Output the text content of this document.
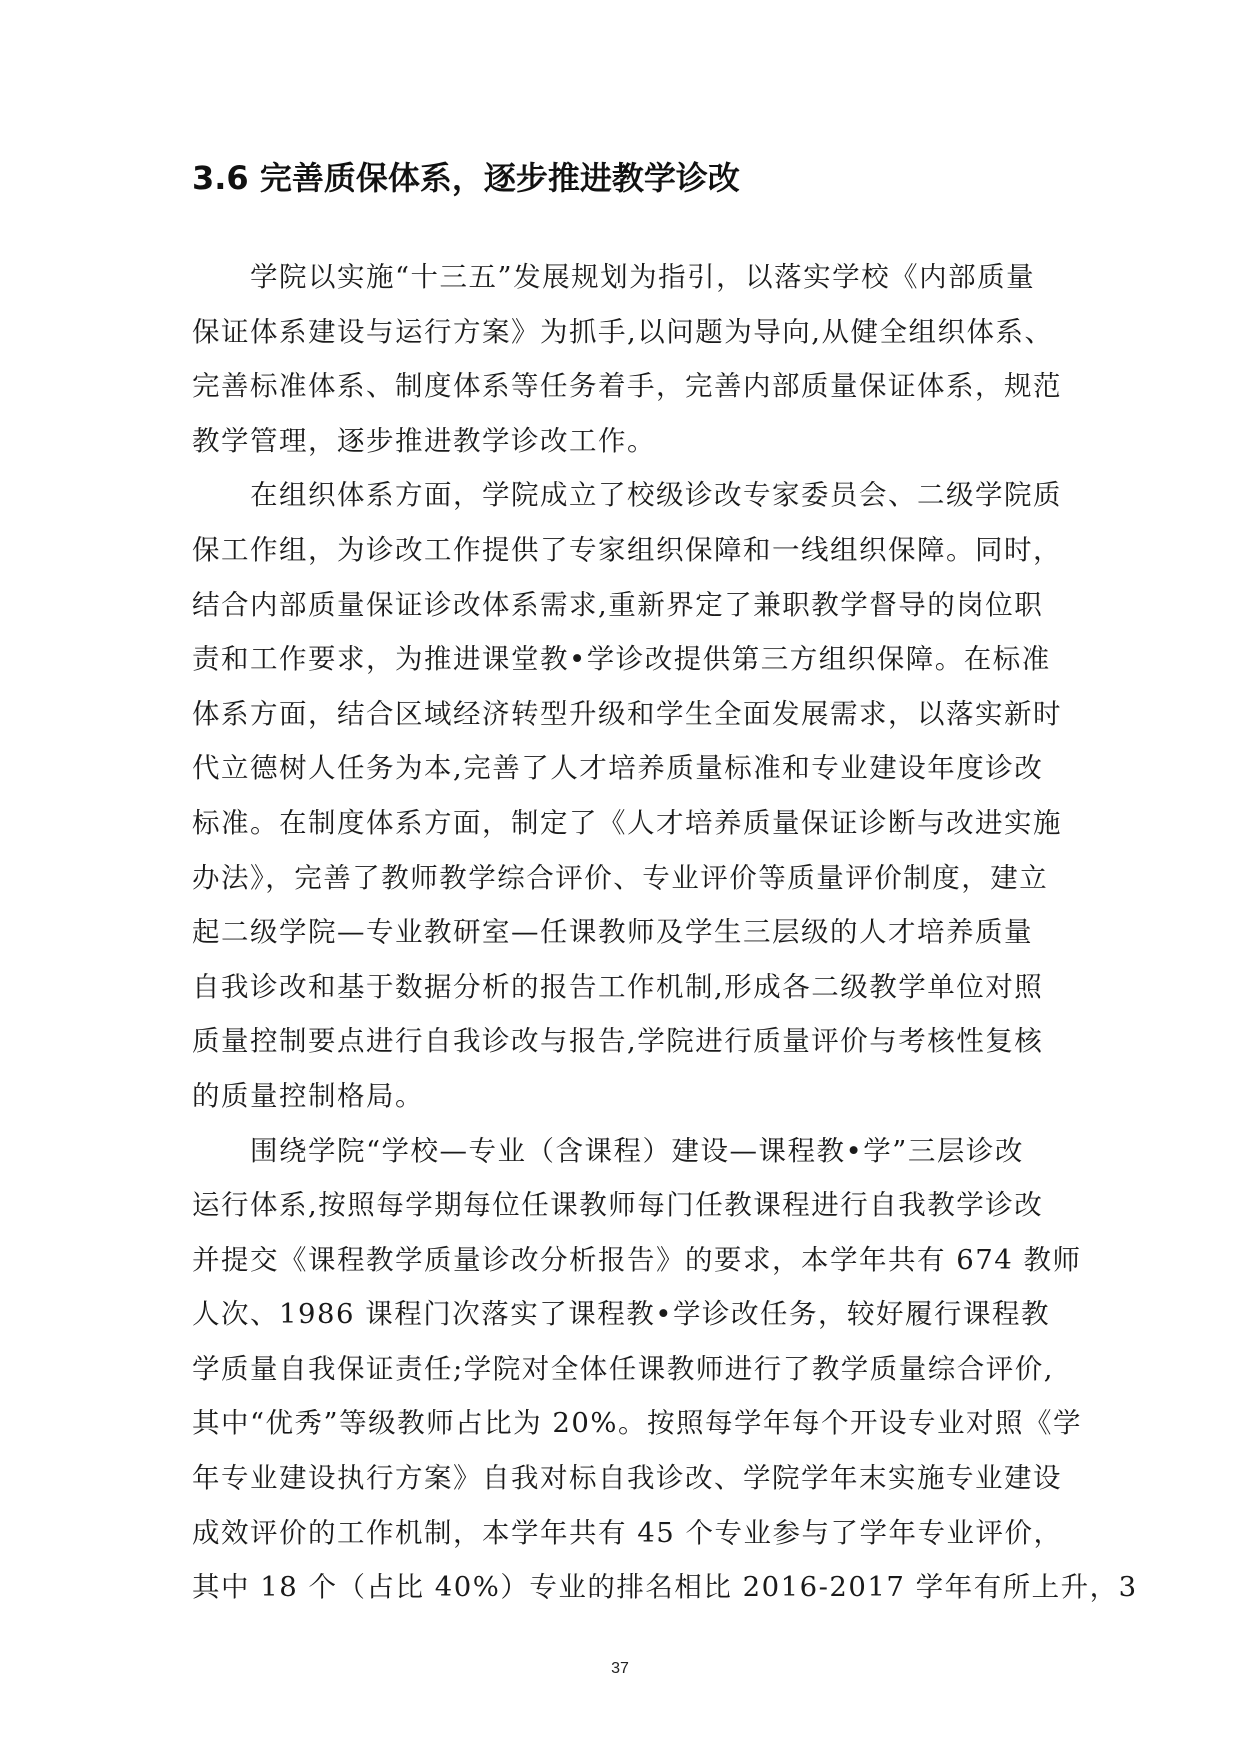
3.6 完善质保体系，逐步推进教学诊改
学院以实施“十三五”发展规划为指引，以落实学校《内部质量
保证体系建设与运行方案》为抓手,以问题为导向,从健全组织体系、
完善标准体系、制度体系等任务着手，完善内部质量保证体系，规范
教学管理，逐步推进教学诊改工作。
在组织体系方面，学院成立了校级诊改专家委员会、二级学院质
保工作组，为诊改工作提供了专家组织保障和一线组织保障。同时，
结合内部质量保证诊改体系需求,重新界定了兼职教学督导的岗位职
责和工作要求，为推进课堂教•学诊改提供第三方组织保障。在标准
体系方面，结合区域经济转型升级和学生全面发展需求，以落实新时
代立德树人任务为本,完善了人才培养质量标准和专业建设年度诊改
标准。在制度体系方面，制定了《人才培养质量保证诊断与改进实施
办法》，完善了教师教学综合评价、专业评价等质量评价制度，建立
起二级学院—专业教研室—任课教师及学生三层级的人才培养质量
自我诊改和基于数据分析的报告工作机制,形成各二级教学单位对照
质量控制要点进行自我诊改与报告,学院进行质量评价与考核性复核
的质量控制格局。
围绕学院“学校—专业（含课程）建设—课程教•学”三层诊改
运行体系,按照每学期每位任课教师每门任教课程进行自我教学诊改
并提交《课程教学质量诊改分析报告》的要求，本学年共有 674 教师
人次、1986 课程门次落实了课程教•学诊改任务，较好履行课程教
学质量自我保证责任;学院对全体任课教师进行了教学质量综合评价,
其中“优秀”等级教师占比为 20%。按照每学年每个开设专业对照《学
年专业建设执行方案》自我对标自我诊改、学院学年末实施专业建设
成效评价的工作机制，本学年共有 45 个专业参与了学年专业评价，
其中 18 个（占比 40%）专业的排名相比 2016-2017 学年有所上升，3
37
